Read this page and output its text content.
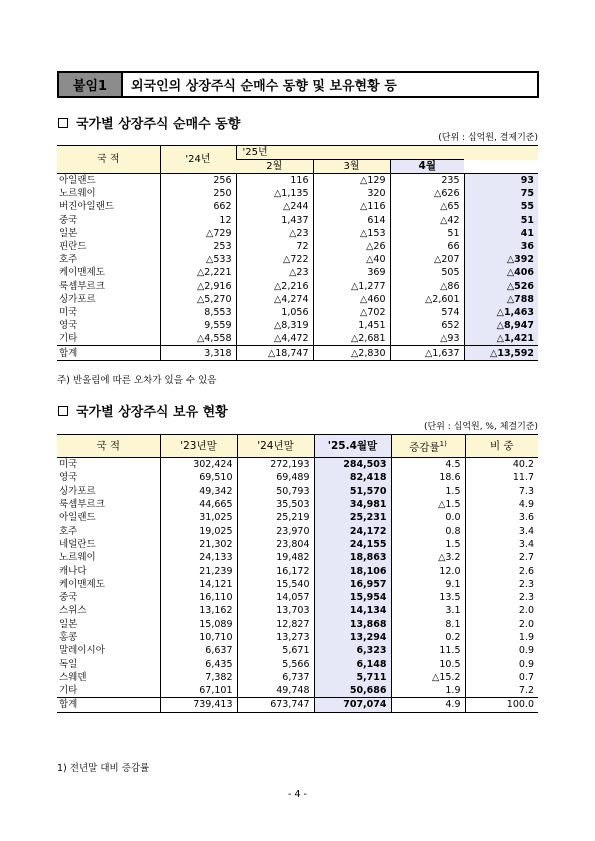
붙임1	외국인의 상장주식 순매수 동향 및 보유현황 등
국가별 상장주식 순매수 동향
(단위 : 십억원, 결제기준)
국 적	'24년	'25년			
		2월	3월	4월	
아일랜드	256	116	△129	235	93
노르웨이	250	△1,135	320	△626	75
버진아일랜드	662	△244	△116	△65	55
중국	12	1,437	614	△42	51
일본	△729	△23	△153	51	41
핀란드	253	72	△26	66	36
호주	△533	△722	△40	△207	△392
케이맨제도	△2,221	△23	369	505	△406
룩셈부르크	△2,916	△2,216	△1,277	△86	△526
싱가포르	△5,270	△4,274	△460	△2,601	△788
미국	8,553	1,056	△702	574	△1,463
영국	9,559	△8,319	1,451	652	△8,947
기타	△4,558	△4,472	△2,681	△93	△1,421
합계	3,318	△18,747	△2,830	△1,637	△13,592
주) 반올림에 따른 오차가 있을 수 있음
국가별 상장주식 보유 현황
(단위 : 십억원, %, 체결기준)
국 적	'23년말	'24년말	'25.4월말	증감률$^{1)}$	비 중
미국	302,424	272,193	284,503	4.5	40.2
영국	69,510	69,489	82,418	18.6	11.7
싱가포르	49,342	50,793	51,570	1.5	7.3
룩셈부르크	44,665	35,503	34,981	△1.5	4.9
아일랜드	31,025	25,219	25,231	0.0	3.6
호주	19,025	23,970	24,172	0.8	3.4
네덜란드	21,302	23,804	24,155	1.5	3.4
노르웨이	24,133	19,482	18,863	△3.2	2.7
캐나다	21,239	16,172	18,106	12.0	2.6
케이맨제도	14,121	15,540	16,957	9.1	2.3
중국	16,110	14,057	15,954	13.5	2.3
스위스	13,162	13,703	14,134	3.1	2.0
일본	15,089	12,827	13,868	8.1	2.0
홍콩	10,710	13,273	13,294	0.2	1.9
말레이시아	6,637	5,671	6,323	11.5	0.9
독일	6,435	5,566	6,148	10.5	0.9
스웨덴	7,382	6,737	5,711	△15.2	0.7
기타	67,101	49,748	50,686	1.9	7.2
합계	739,413	673,747	707,074	4.9	100.0
1) 전년말 대비 증감률
- 4 -
